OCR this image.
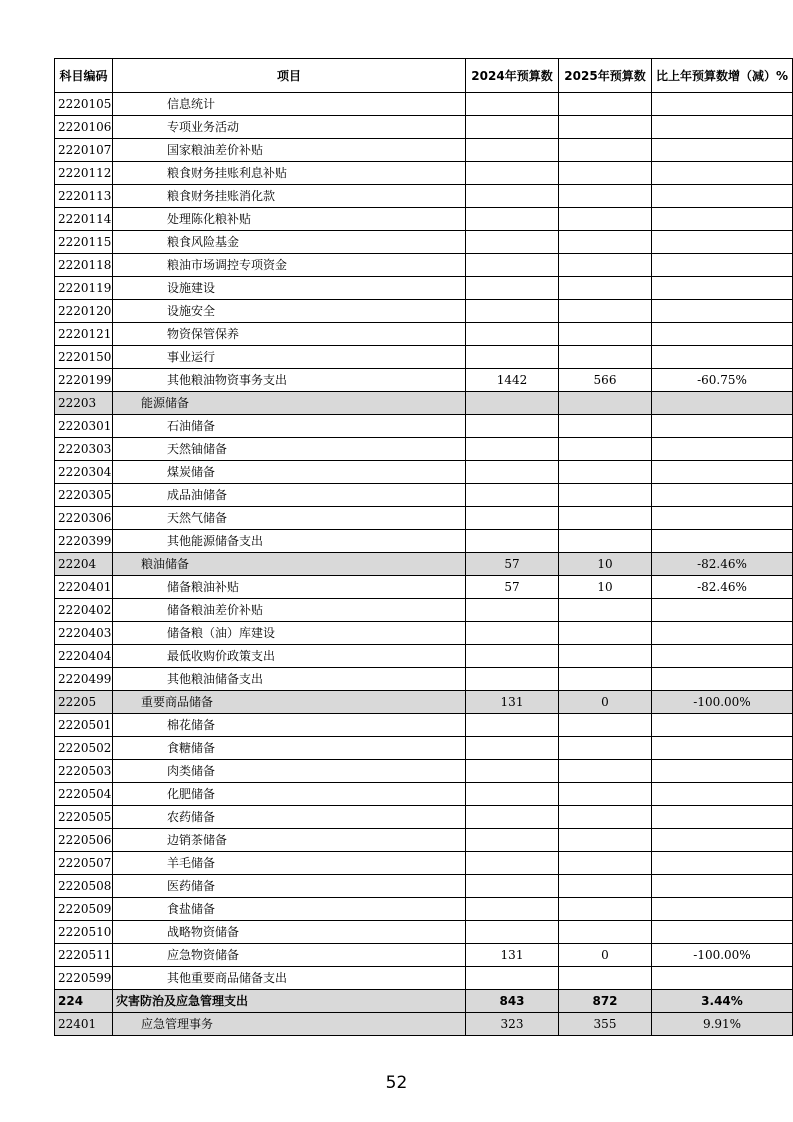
科目编码	项目	2024年预算数	2025年预算数	比上年预算数增（减）%
2220105	信息统计			
2220106	专项业务活动			
2220107	国家粮油差价补贴			
2220112	粮食财务挂账利息补贴			
2220113	粮食财务挂账消化款			
2220114	处理陈化粮补贴			
2220115	粮食风险基金			
2220118	粮油市场调控专项资金			
2220119	设施建设			
2220120	设施安全			
2220121	物资保管保养			
2220150	事业运行			
2220199	其他粮油物资事务支出	1442	566	-60.75%
22203	能源储备			
2220301	石油储备			
2220303	天然铀储备			
2220304	煤炭储备			
2220305	成品油储备			
2220306	天然气储备			
2220399	其他能源储备支出			
22204	粮油储备	57	10	-82.46%
2220401	储备粮油补贴	57	10	-82.46%
2220402	储备粮油差价补贴			
2220403	储备粮（油）库建设			
2220404	最低收购价政策支出			
2220499	其他粮油储备支出			
22205	重要商品储备	131	0	-100.00%
2220501	棉花储备			
2220502	食糖储备			
2220503	肉类储备			
2220504	化肥储备			
2220505	农药储备			
2220506	边销茶储备			
2220507	羊毛储备			
2220508	医药储备			
2220509	食盐储备			
2220510	战略物资储备			
2220511	应急物资储备	131	0	-100.00%
2220599	其他重要商品储备支出			
224	灾害防治及应急管理支出	843	872	3.44%
22401	应急管理事务	323	355	9.91%
52
